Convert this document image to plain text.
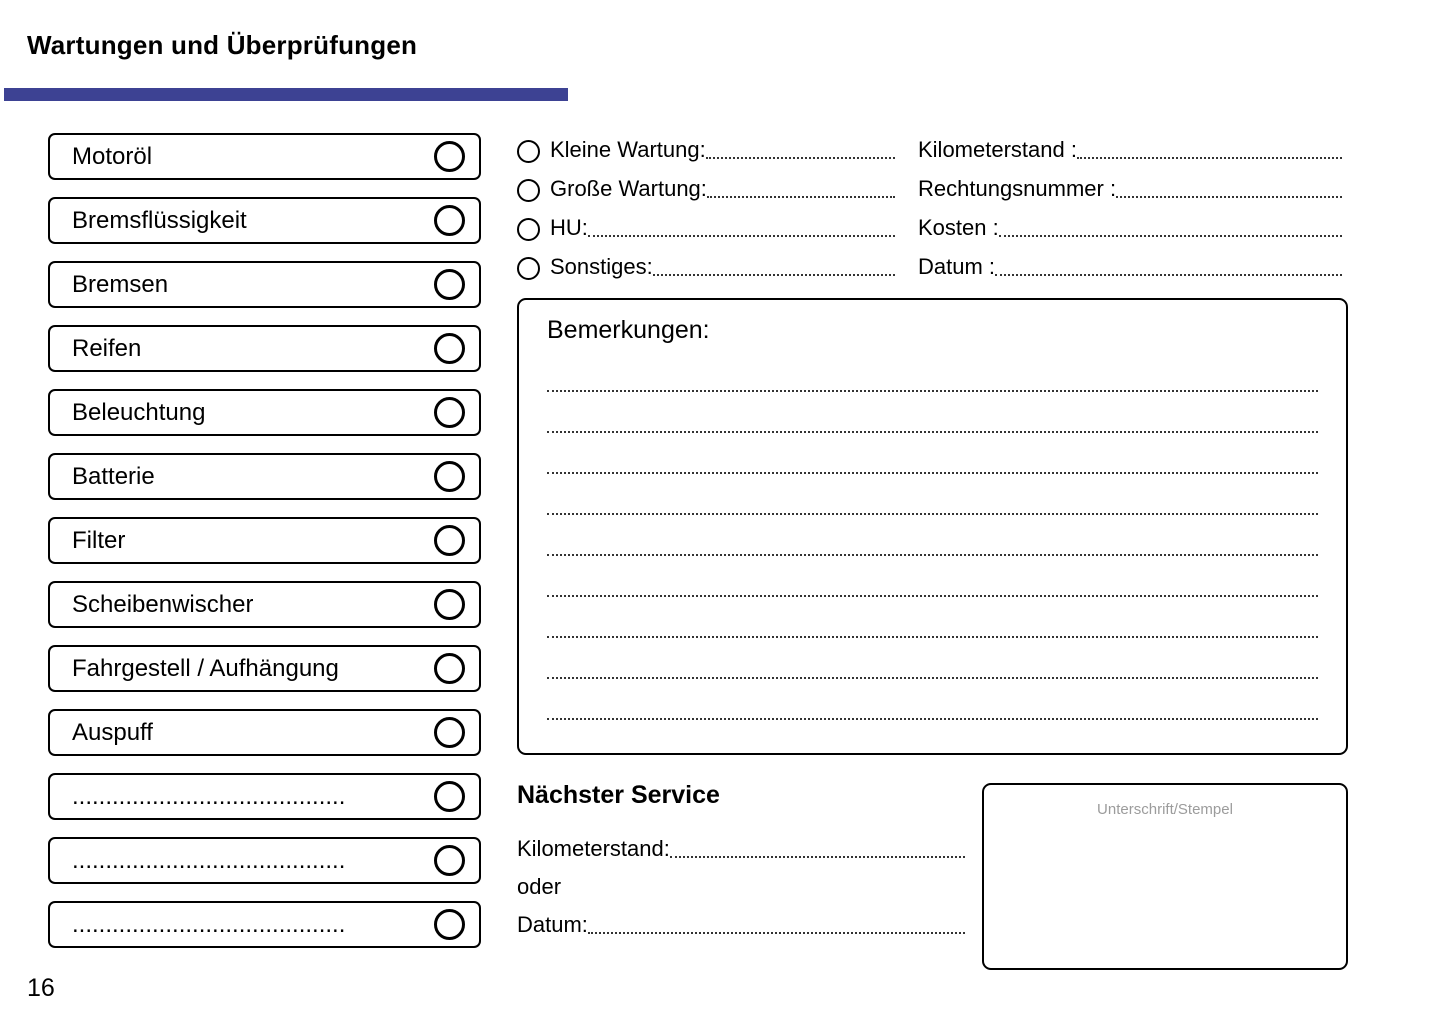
Wartungen und Überprüfungen
Motoröl
Bremsflüssigkeit
Bremsen
Reifen
Beleuchtung
Batterie
Filter
Scheibenwischer
Fahrgestell / Aufhängung
Auspuff
.........................................
.........................................
.........................................
Kleine Wartung:
Große Wartung:
HU:
Sonstiges:
Kilometerstand :
Rechtungsnummer :
Kosten :
Datum :
Bemerkungen:
Nächster Service
Kilometerstand:
oder
Datum:
Unterschrift/Stempel
16
